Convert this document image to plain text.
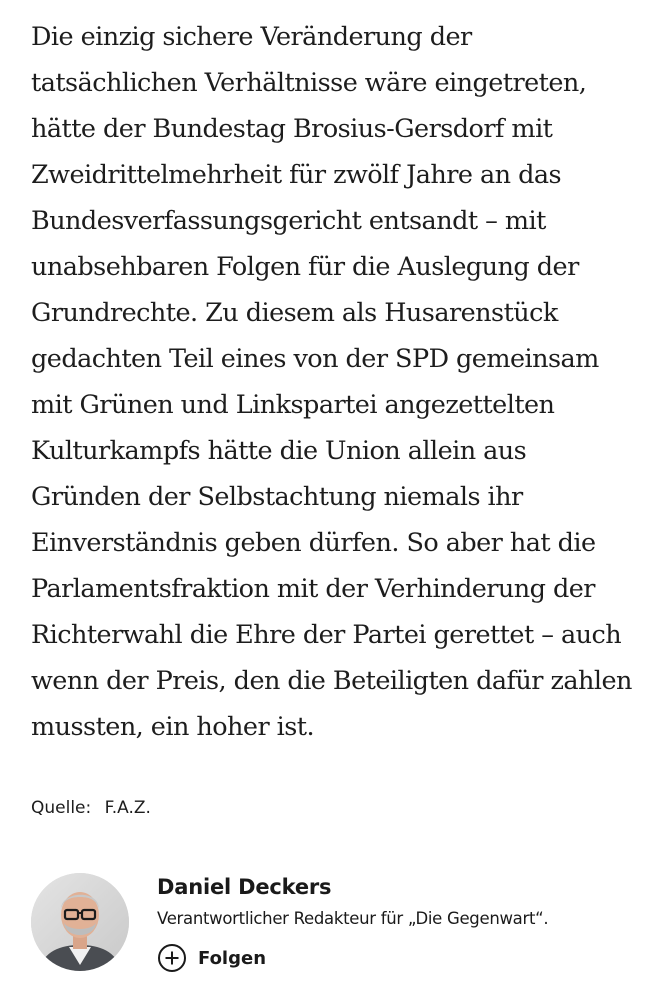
Die einzig sichere Veränderung der
tatsächlichen Verhältnisse wäre eingetreten,
hätte der Bundestag Brosius-Gersdorf mit
Zweidrittelmehrheit für zwölf Jahre an das
Bundesverfassungsgericht entsandt – mit
unabsehbaren Folgen für die Auslegung der
Grundrechte. Zu diesem als Husarenstück
gedachten Teil eines von der SPD gemeinsam
mit Grünen und Linkspartei angezettelten
Kulturkampfs hätte die Union allein aus
Gründen der Selbstachtung niemals ihr
Einverständnis geben dürfen. So aber hat die
Parlamentsfraktion mit der Verhinderung der
Richterwahl die Ehre der Partei gerettet – auch
wenn der Preis, den die Beteiligten dafür zahlen
mussten, ein hoher ist.
Quelle: F.A.Z.
Daniel Deckers
Verantwortlicher Redakteur für „Die Gegenwart“.
Folgen
